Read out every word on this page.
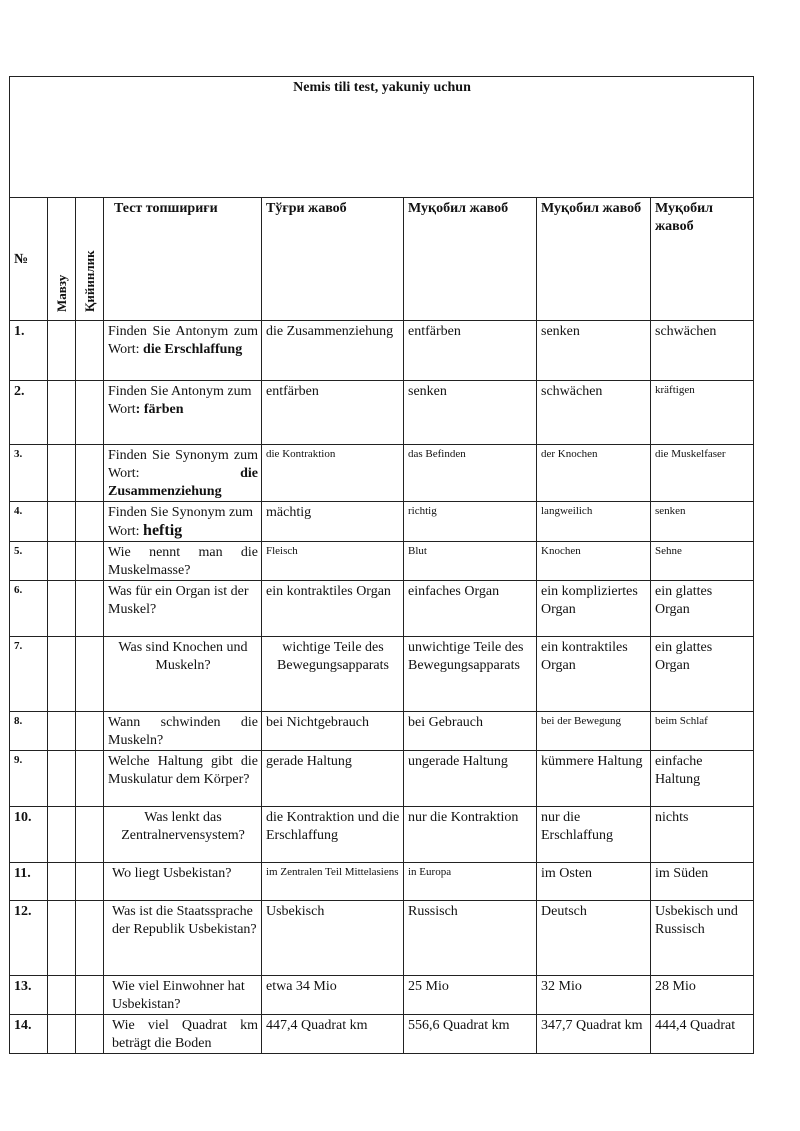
Nemis tili test, yakuniy uchun							
№	Мавзу	Қийинлик	Тест топшириғи	Тўғри жавоб	Муқобил жавоб	Муқобил жавоб	Муқобил жавоб
1.			Finden Sie Antonym zum Wort: die Erschlaffung	die Zusammenziehung	entfärben	senken	schwächen
2.			Finden Sie Antonym zum Wort: färben	entfärben	senken	schwächen	kräftigen
3.			Finden Sie Synonym zum Wort: die Zusammenziehung	die Kontraktion	das Befinden	der Knochen	die Muskelfaser
4.			Finden Sie Synonym zum Wort: heftig	mächtig	richtig	langweilich	senken
5.			Wie nennt man die Muskelmasse?	Fleisch	Blut	Knochen	Sehne
6.			Was für ein Organ ist der Muskel?	ein kontraktiles Organ	einfaches Organ	ein kompliziertes Organ	ein glattes Organ
7.			Was sind Knochen und Muskeln?	wichtige Teile des Bewegungsapparats	unwichtige Teile des Bewegungsapparats	ein kontraktiles Organ	ein glattes Organ
8.			Wann schwinden die Muskeln?	bei Nichtgebrauch	bei Gebrauch	bei der Bewegung	beim Schlaf
9.			Welche Haltung gibt die Muskulatur dem Körper?	gerade Haltung	ungerade Haltung	kümmere Haltung	einfache Haltung
10.			Was lenkt das Zentralnervensystem?	die Kontraktion und die Erschlaffung	nur die Kontraktion	nur die Erschlaffung	nichts
11.			Wo liegt Usbekistan?	im Zentralen Teil Mittelasiens	in Europa	im Osten	im Süden
12.			Was ist die Staatssprache der Republik Usbekistan?	Usbekisch	Russisch	Deutsch	Usbekisch und Russisch
13.			Wie viel Einwohner hat Usbekistan?	etwa 34 Mio	25 Mio	32 Mio	28 Mio
14.			Wie viel Quadrat km beträgt die Boden	447,4 Quadrat km	556,6 Quadrat km	347,7 Quadrat km	444,4 Quadrat
